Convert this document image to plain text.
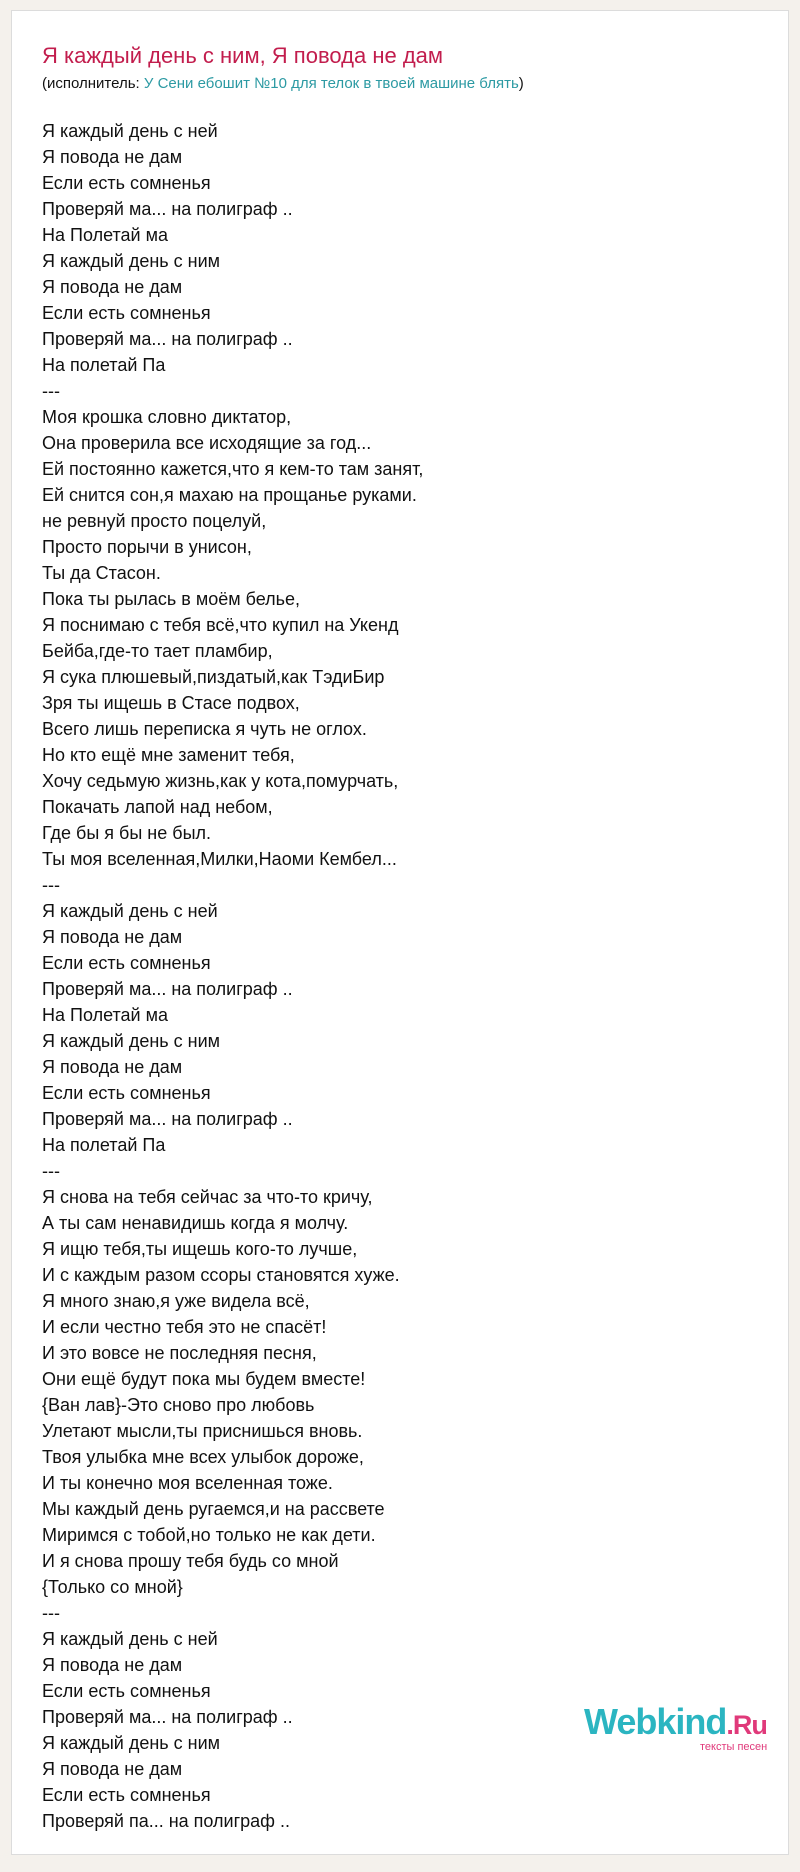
Я каждый день с ним, Я повода не дам
(исполнитель: У Сени ебошит №10 для телок в твоей машине блять)
Я каждый день с ней
Я повода не дам
Если есть сомненья
Проверяй ма... на полиграф ..
На Полетай ма
Я каждый день с ним
Я повода не дам
Если есть сомненья
Проверяй ма... на полиграф ..
На полетай Па
---
Моя крошка словно диктатор,
Она проверила все исходящие за год...
Ей постоянно кажется,что я кем-то там занят,
Ей снится сон,я махаю на прощанье руками.
не ревнуй просто поцелуй,
Просто порычи в унисон,
Ты да Стасон.
Пока ты рылась в моём белье,
Я поснимаю с тебя всё,что купил на Укенд
Бейба,где-то тает пламбир,
Я сука плюшевый,пиздатый,как ТэдиБир
Зря ты ищешь в Стасе подвох,
Всего лишь переписка я чуть не оглох.
Но кто ещё мне заменит тебя,
Хочу седьмую жизнь,как у кота,помурчать,
Покачать лапой над небом,
Где бы я бы не был.
Ты моя вселенная,Милки,Наоми Кембел...
---
Я каждый день с ней
Я повода не дам
Если есть сомненья
Проверяй ма... на полиграф ..
На Полетай ма
Я каждый день с ним
Я повода не дам
Если есть сомненья
Проверяй ма... на полиграф ..
На полетай Па
---
Я снова на тебя сейчас за что-то кричу,
А ты сам ненавидишь когда я молчу.
Я ищю тебя,ты ищешь кого-то лучше,
И с каждым разом ссоры становятся хуже.
Я много знаю,я уже видела всё,
И если честно тебя это не спасёт!
И это вовсе не последняя песня,
Они ещё будут пока мы будем вместе!
{Ван лав}-Это сново про любовь
Улетают мысли,ты приснишься вновь.
Твоя улыбка мне всех улыбок дороже,
И ты конечно моя вселенная тоже.
Мы каждый день ругаемся,и на рассвете
Миримся с тобой,но только не как дети.
И я снова прошу тебя будь со мной
{Только со мной}
---
Я каждый день с ней
Я повода не дам
Если есть сомненья
Проверяй ма... на полиграф ..
Я каждый день с ним
Я повода не дам
Если есть сомненья
Проверяй па... на полиграф ..
Webkind.Ru
тексты песен
